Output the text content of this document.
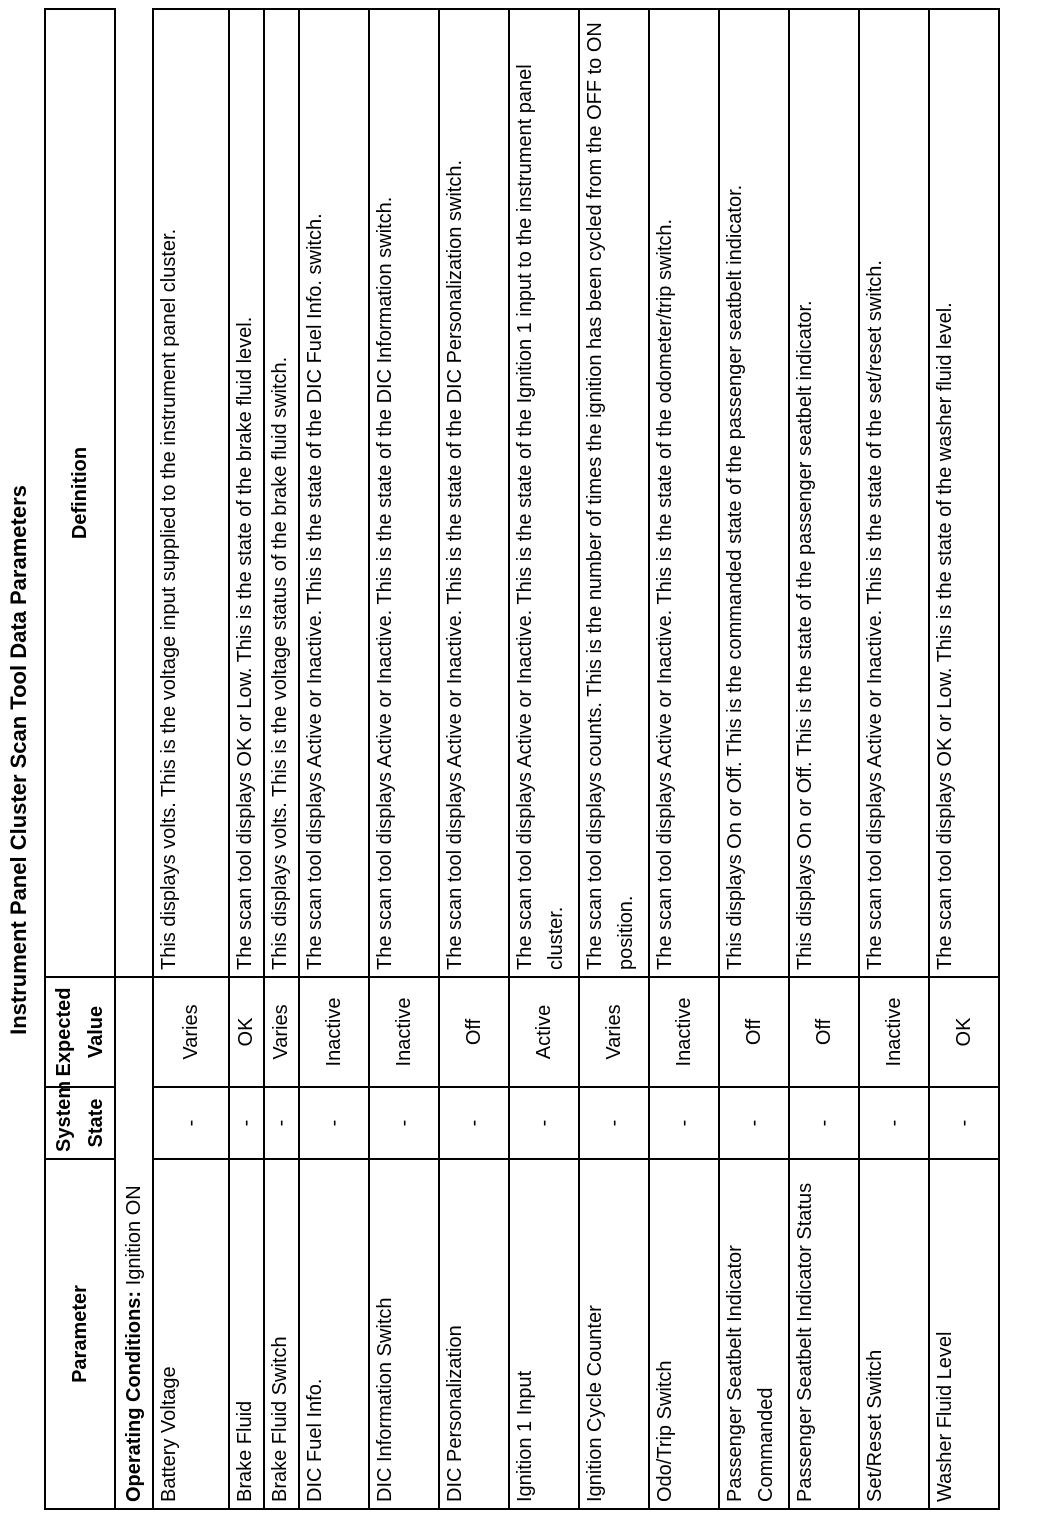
Instrument Panel Cluster Scan Tool Data Parameters
Parameter	System State	Expected Value	Definition
Operating Conditions: Ignition ON			
Battery Voltage	-	Varies	This displays volts. This is the voltage input supplied to the instrument panel cluster.
Brake Fluid	-	OK	The scan tool displays OK or Low. This is the state of the brake fluid level.
Brake Fluid Switch	-	Varies	This displays volts. This is the voltage status of the brake fluid switch.
DIC Fuel Info.	-	Inactive	The scan tool displays Active or Inactive. This is the state of the DIC Fuel Info. switch.
DIC Information Switch	-	Inactive	The scan tool displays Active or Inactive. This is the state of the DIC Information switch.
DIC Personalization	-	Off	The scan tool displays Active or Inactive. This is the state of the DIC Personalization switch.
Ignition 1 Input	-	Active	The scan tool displays Active or Inactive. This is the state of the Ignition 1 input to the instrument panel cluster.
Ignition Cycle Counter	-	Varies	The scan tool displays counts. This is the number of times the ignition has been cycled from the OFF to ON position.
Odo/Trip Switch	-	Inactive	The scan tool displays Active or Inactive. This is the state of the odometer/trip switch.
Passenger Seatbelt Indicator Commanded	-	Off	This displays On or Off. This is the commanded state of the passenger seatbelt indicator.
Passenger Seatbelt Indicator Status	-	Off	This displays On or Off. This is the state of the passenger seatbelt indicator.
Set/Reset Switch	-	Inactive	The scan tool displays Active or Inactive. This is the state of the set/reset switch.
Washer Fluid Level	-	OK	The scan tool displays OK or Low. This is the state of the washer fluid level.
